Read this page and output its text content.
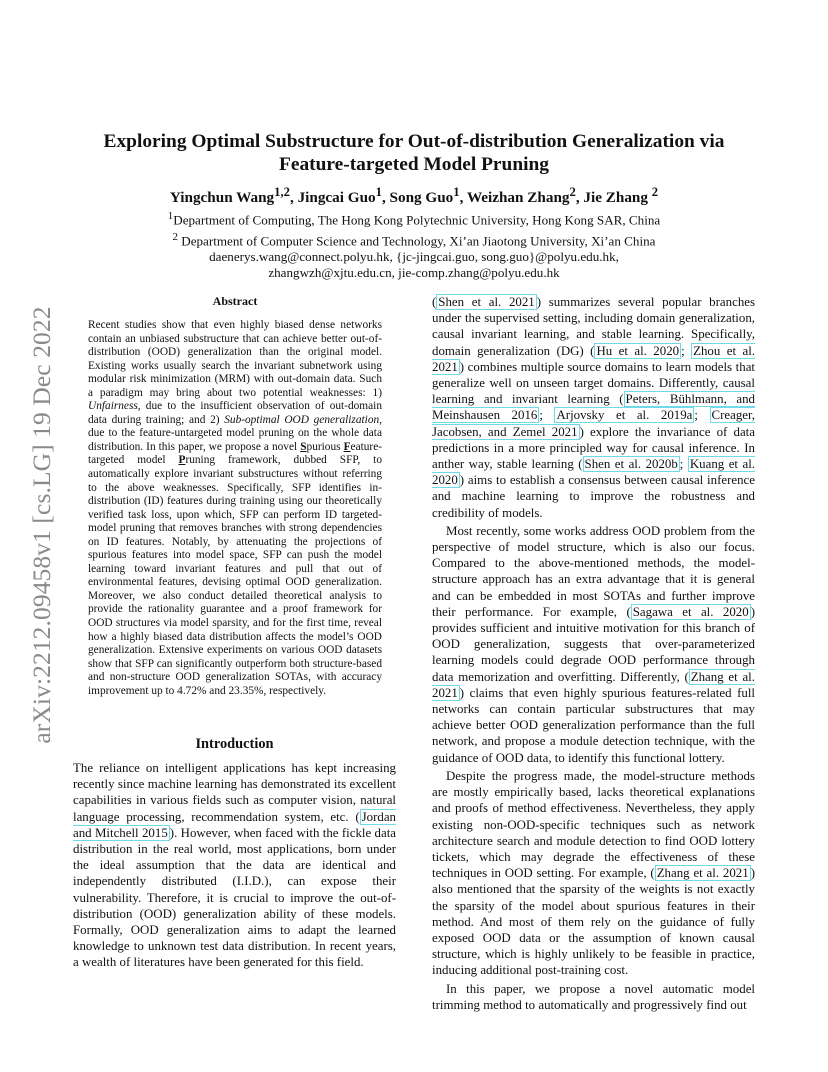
arXiv:2212.09458v1 [cs.LG] 19 Dec 2022
Exploring Optimal Substructure for Out-of-distribution Generalization via
Feature-targeted Model Pruning
Yingchun Wang$^{1,2}$, Jingcai Guo$^1$, Song Guo$^1$, Weizhan Zhang$^2$, Jie Zhang $^2$
$^1$Department of Computing, The Hong Kong Polytechnic University, Hong Kong SAR, China
$^2$ Department of Computer Science and Technology, Xi’an Jiaotong University, Xi’an China
daenerys.wang@connect.polyu.hk, {jc-jingcai.guo, song.guo}@polyu.edu.hk,
zhangwzh@xjtu.edu.cn, jie-comp.zhang@polyu.edu.hk
Abstract
Recent studies show that even highly biased dense networks contain an unbiased substructure that can achieve better out-of-distribution (OOD) generalization than the original model. Existing works usually search the invariant subnetwork using modular risk minimization (MRM) with out-domain data. Such a paradigm may bring about two potential weaknesses: 1) Unfairness, due to the insufficient observation of out-domain data during training; and 2) Sub-optimal OOD generalization, due to the feature-untargeted model pruning on the whole data distribution. In this paper, we propose a novel Spurious Feature-targeted model Pruning framework, dubbed SFP, to automatically explore invariant substructures without referring to the above weaknesses. Specifically, SFP identifies in-distribution (ID) features during training using our theoretically verified task loss, upon which, SFP can perform ID targeted-model pruning that removes branches with strong dependencies on ID features. Notably, by attenuating the projections of spurious features into model space, SFP can push the model learning toward invariant features and pull that out of environmental features, devising optimal OOD generalization. Moreover, we also conduct detailed theoretical analysis to provide the rationality guarantee and a proof framework for OOD structures via model sparsity, and for the first time, reveal how a highly biased data distribution affects the model’s OOD generalization. Extensive experiments on various OOD datasets show that SFP can significantly outperform both structure-based and non-structure OOD generalization SOTAs, with accuracy improvement up to 4.72% and 23.35%, respectively.
Introduction
The reliance on intelligent applications has kept increasing recently since machine learning has demonstrated its excellent capabilities in various fields such as computer vision, natural language processing, recommendation system, etc. ( Jordan and Mitchell 2015 ). However, when faced with the fickle data distribution in the real world, most applications, born under the ideal assumption that the data are identical and independently distributed (I.I.D.), can expose their vulnerability. Therefore, it is crucial to improve the out-of-distribution (OOD) generalization ability of these models. Formally, OOD generalization aims to adapt the learned knowledge to unknown test data distribution. In recent years, a wealth of literatures have been generated for this field.

( Shen et al. 2021 ) summarizes several popular branches under the supervised setting, including domain generalization, causal invariant learning, and stable learning. Specifically, domain generalization (DG) ( Hu et al. 2020 ; Zhou et al. 2021 ) combines multiple source domains to learn models that generalize well on unseen target domains. Differently, causal learning and invariant learning ( Peters, Bühlmann, and Meinshausen 2016 ; Arjovsky et al. 2019a ; Creager, Jacobsen, and Zemel 2021 ) explore the invariance of data predictions in a more principled way for causal inference. In anther way, stable learning ( Shen et al. 2020b ; Kuang et al. 2020 ) aims to establish a consensus between causal inference and machine learning to improve the robustness and credibility of models.

Most recently, some works address OOD problem from the perspective of model structure, which is also our focus. Compared to the above-mentioned methods, the model-structure approach has an extra advantage that it is general and can be embedded in most SOTAs and further improve their performance. For example, ( Sagawa et al. 2020 ) provides sufficient and intuitive motivation for this branch of OOD generalization, suggests that over-parameterized learning models could degrade OOD performance through data memorization and overfitting. Differently, ( Zhang et al. 2021 ) claims that even highly spurious features-related full networks can contain particular substructures that may achieve better OOD generalization performance than the full network, and propose a module detection technique, with the guidance of OOD data, to identify this functional lottery.

Despite the progress made, the model-structure methods are mostly empirically based, lacks theoretical explanations and proofs of method effectiveness. Nevertheless, they apply existing non-OOD-specific techniques such as network architecture search and module detection to find OOD lottery tickets, which may degrade the effectiveness of these techniques in OOD setting. For example, ( Zhang et al. 2021 ) also mentioned that the sparsity of the weights is not exactly the sparsity of the model about spurious features in their method. And most of them rely on the guidance of fully exposed OOD data or the assumption of known causal structure, which is highly unlikely to be feasible in practice, inducing additional post-training cost.

In this paper, we propose a novel automatic model trimming method to automatically and progressively find out
